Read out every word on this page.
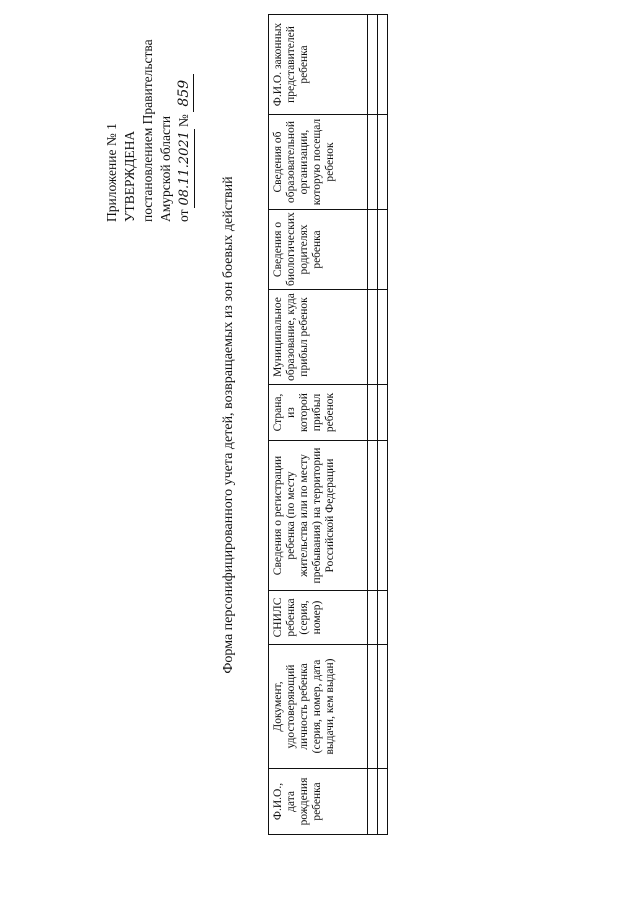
Приложение № 1 УТВЕРЖДЕНА постановлением Правительства Амурской области от
08.11.2021
№
859
Форма персонифицированного учета детей, возвращаемых из зон боевых действий
Ф.И.О., дата рождения ребенка	Документ, удостоверяющий личность ребенка (серия, номер, дата выдачи, кем выдан)	СНИЛС ребенка (серия, номер)	Сведения о регистрации ребенка (по месту жительства или по месту пребывания) на территории Российской Федерации	Страна, из которой прибыл ребенок	Муниципальное образование, куда прибыл ребенок	Сведения о биологических родителях ребенка	Сведения об образовательной организации, которую посещал ребенок	Ф.И.О. законных представителей ребенка
